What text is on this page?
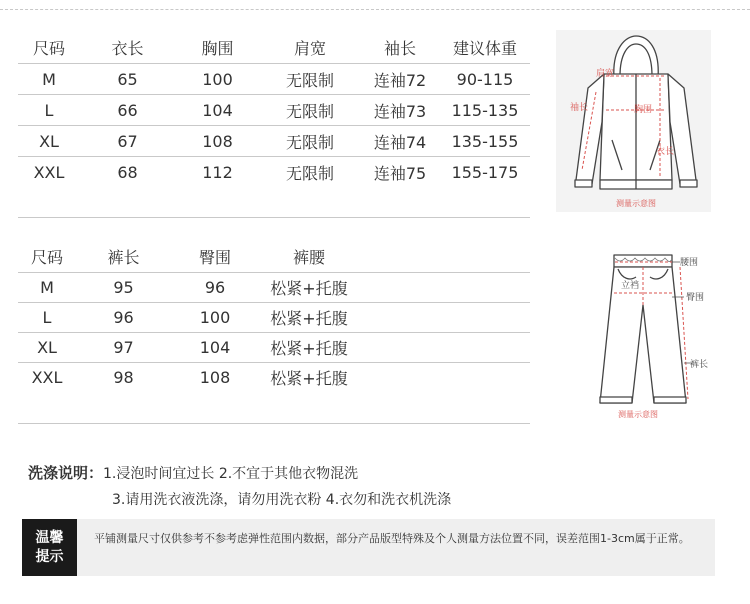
尺码	衣长	胸围	肩宽	袖长	建议体重
M	65	100	无限制	连袖72	90-115
L	66	104	无限制	连袖73	115-135
XL	67	108	无限制	连袖74	135-155
XXL	68	112	无限制	连袖75	155-175
尺码	裤长	臀围	裤腰	
M	95	96	松紧+托腹	
L	96	100	松紧+托腹	
XL	97	104	松紧+托腹	
XXL	98	108	松紧+托腹	
肩宽
袖长	胸围
衣长
测量示意图
腰围
立裆
臀围
裤长
测量示意图
洗涤说明：1.浸泡时间宜过长 2.不宜于其他衣物混洗
3.请用洗衣液洗涤，请勿用洗衣粉 4.衣勿和洗衣机洗涤
温馨
提示
平铺测量尺寸仅供参考不参考虑弹性范围内数据，部分产品版型特殊及个人测量方法位置不同，误差范围1-3cm属于正常。
